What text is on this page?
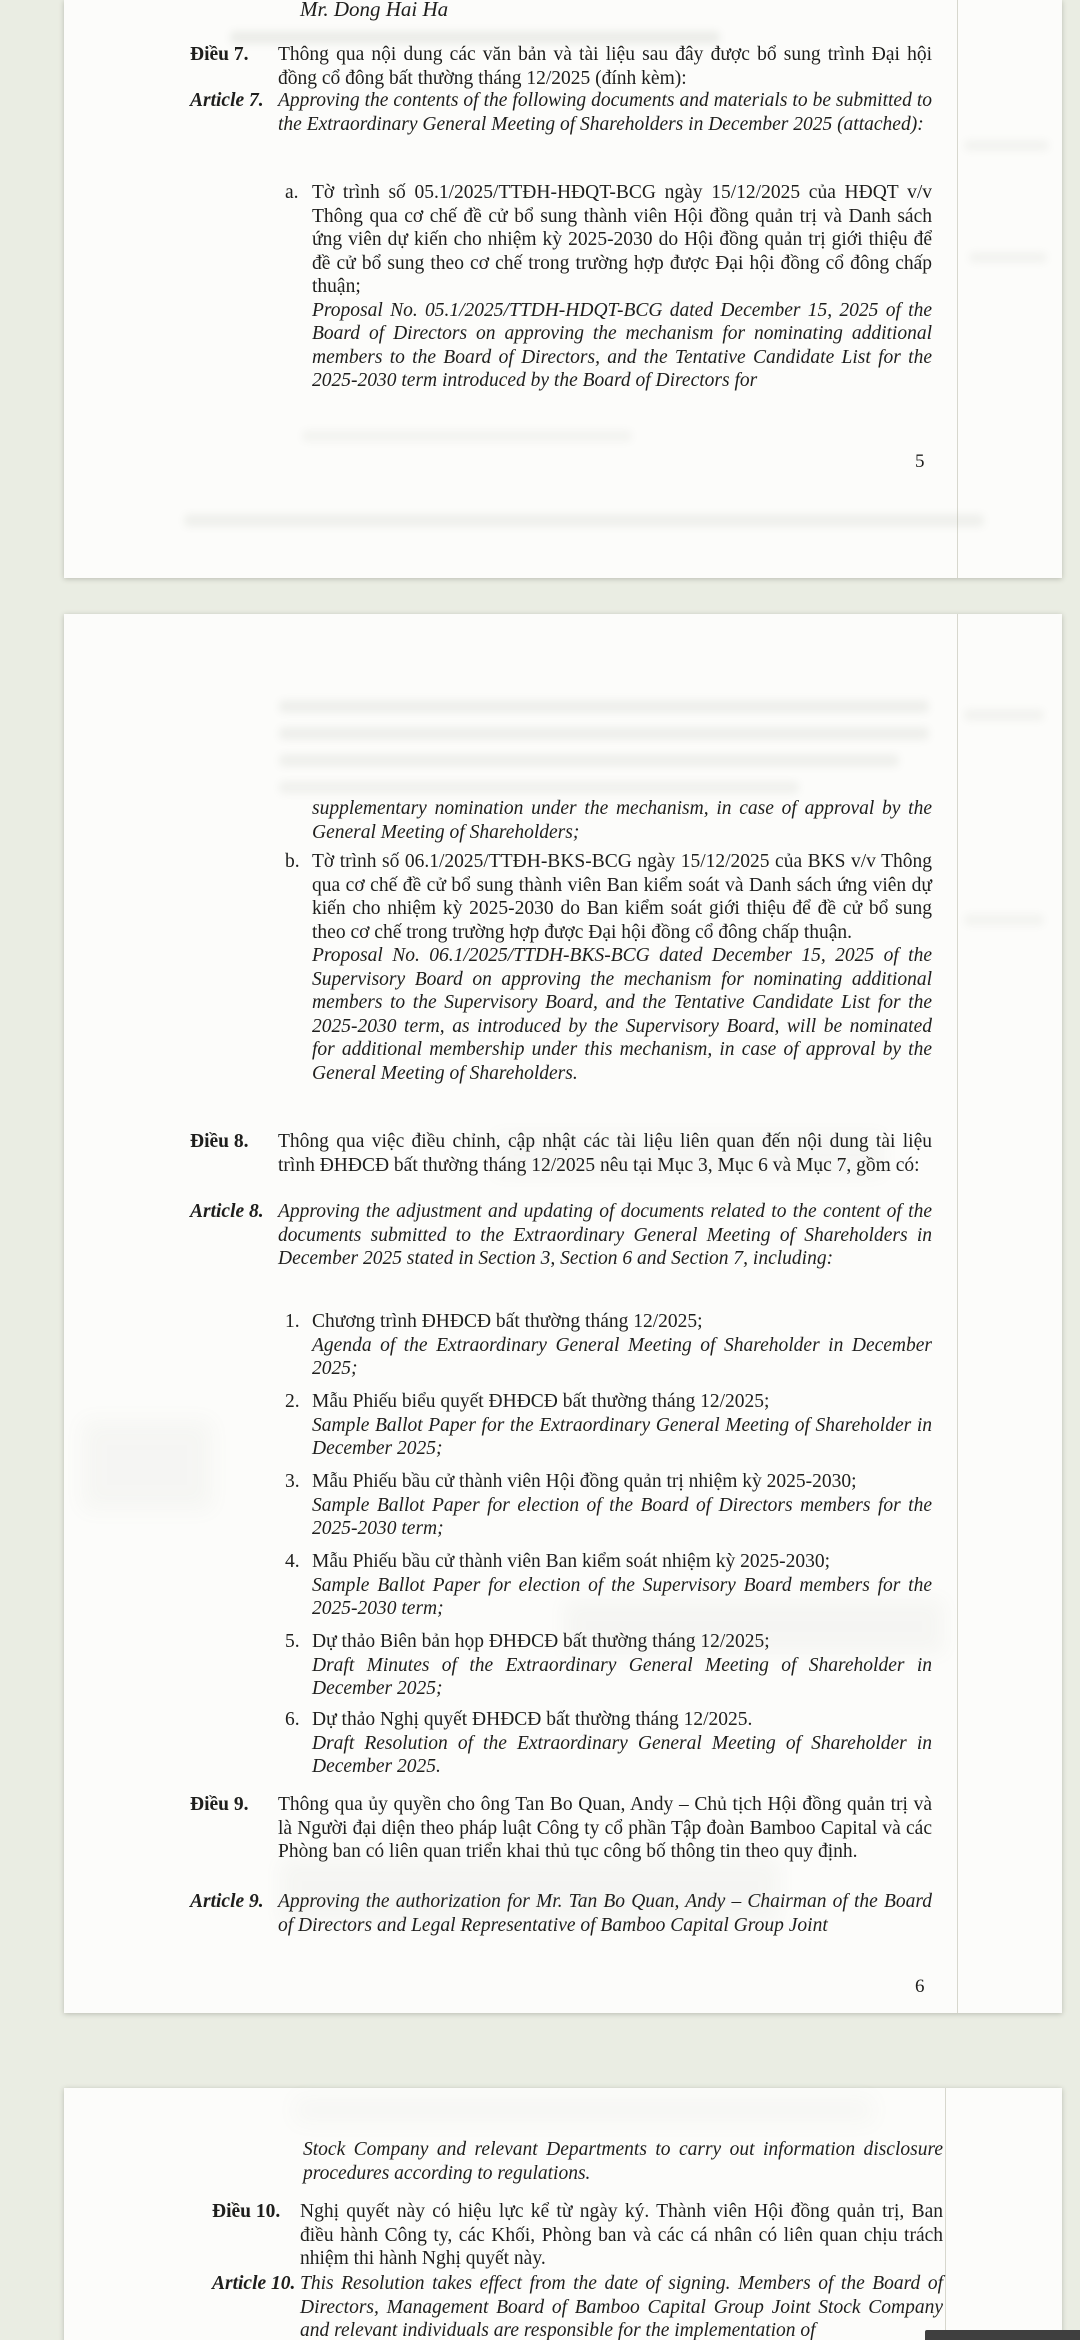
Mr. Dong Hai Ha
Điều 7. Thông qua nội dung các văn bản và tài liệu sau đây được bổ sung trình Đại hội đồng cổ đông bất thường tháng 12/2025 (đính kèm):
Article 7. Approving the contents of the following documents and materials to be submitted to the Extraordinary General Meeting of Shareholders in December 2025 (attached):
a. Tờ trình số 05.1/2025/TTĐH-HĐQT-BCG ngày 15/12/2025 của HĐQT v/v Thông qua cơ chế đề cử bổ sung thành viên Hội đồng quản trị và Danh sách ứng viên dự kiến cho nhiệm kỳ 2025-2030 do Hội đồng quản trị giới thiệu để đề cử bổ sung theo cơ chế trong trường hợp được Đại hội đồng cổ đông chấp thuận;
Proposal No. 05.1/2025/TTDH-HDQT-BCG dated December 15, 2025 of the Board of Directors on approving the mechanism for nominating additional members to the Board of Directors, and the Tentative Candidate List for the 2025-2030 term introduced by the Board of Directors for
5
supplementary nomination under the mechanism, in case of approval by the General Meeting of Shareholders;
b. Tờ trình số 06.1/2025/TTĐH-BKS-BCG ngày 15/12/2025 của BKS v/v Thông qua cơ chế đề cử bổ sung thành viên Ban kiểm soát và Danh sách ứng viên dự kiến cho nhiệm kỳ 2025-2030 do Ban kiểm soát giới thiệu để đề cử bổ sung theo cơ chế trong trường hợp được Đại hội đồng cổ đông chấp thuận.
Proposal No. 06.1/2025/TTDH-BKS-BCG dated December 15, 2025 of the Supervisory Board on approving the mechanism for nominating additional members to the Supervisory Board, and the Tentative Candidate List for the 2025-2030 term, as introduced by the Supervisory Board, will be nominated for additional membership under this mechanism, in case of approval by the General Meeting of Shareholders.
Điều 8. Thông qua việc điều chỉnh, cập nhật các tài liệu liên quan đến nội dung tài liệu trình ĐHĐCĐ bất thường tháng 12/2025 nêu tại Mục 3, Mục 6 và Mục 7, gồm có:
Article 8. Approving the adjustment and updating of documents related to the content of the documents submitted to the Extraordinary General Meeting of Shareholders in December 2025 stated in Section 3, Section 6 and Section 7, including:
1. Chương trình ĐHĐCĐ bất thường tháng 12/2025;
Agenda of the Extraordinary General Meeting of Shareholder in December 2025;
2. Mẫu Phiếu biểu quyết ĐHĐCĐ bất thường tháng 12/2025;
Sample Ballot Paper for the Extraordinary General Meeting of Shareholder in December 2025;
3. Mẫu Phiếu bầu cử thành viên Hội đồng quản trị nhiệm kỳ 2025-2030;
Sample Ballot Paper for election of the Board of Directors members for the 2025-2030 term;
4. Mẫu Phiếu bầu cử thành viên Ban kiểm soát nhiệm kỳ 2025-2030;
Sample Ballot Paper for election of the Supervisory Board members for the 2025-2030 term;
5. Dự thảo Biên bản họp ĐHĐCĐ bất thường tháng 12/2025;
Draft Minutes of the Extraordinary General Meeting of Shareholder in December 2025;
6. Dự thảo Nghị quyết ĐHĐCĐ bất thường tháng 12/2025.
Draft Resolution of the Extraordinary General Meeting of Shareholder in December 2025.
Điều 9. Thông qua ủy quyền cho ông Tan Bo Quan, Andy – Chủ tịch Hội đồng quản trị và là Người đại diện theo pháp luật Công ty cổ phần Tập đoàn Bamboo Capital và các Phòng ban có liên quan triển khai thủ tục công bố thông tin theo quy định.
Article 9. Approving the authorization for Mr. Tan Bo Quan, Andy – Chairman of the Board of Directors and Legal Representative of Bamboo Capital Group Joint
6
Stock Company and relevant Departments to carry out information disclosure procedures according to regulations.
Điều 10. Nghị quyết này có hiệu lực kể từ ngày ký. Thành viên Hội đồng quản trị, Ban điều hành Công ty, các Khối, Phòng ban và các cá nhân có liên quan chịu trách nhiệm thi hành Nghị quyết này.
Article 10. This Resolution takes effect from the date of signing. Members of the Board of Directors, Management Board of Bamboo Capital Group Joint Stock Company and relevant individuals are responsible for the implementation of
